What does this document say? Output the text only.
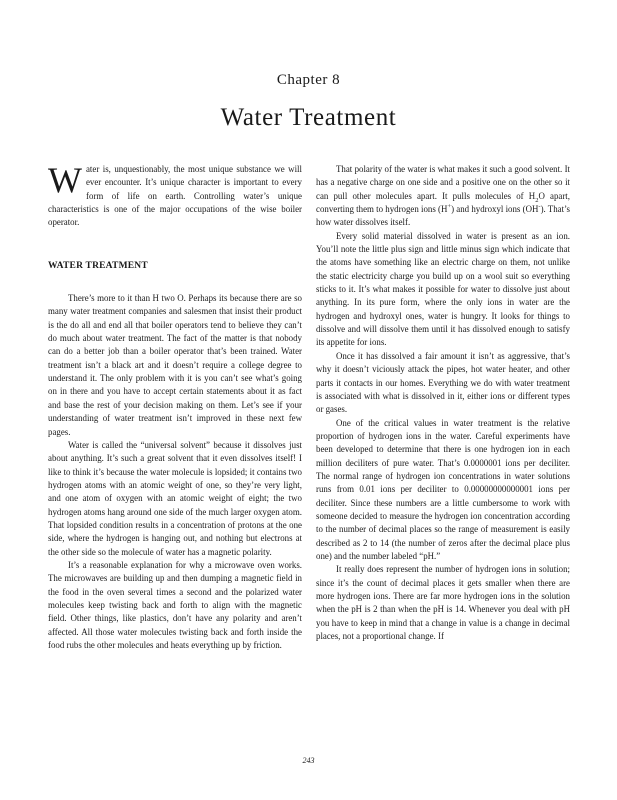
Chapter 8
Water Treatment

Water is, unquestionably, the most unique substance we will ever encounter. It’s unique character is important to every form of life on earth. Controlling water’s unique characteristics is one of the major occupations of the wise boiler operator.

WATER TREATMENT

There’s more to it than H two O. Perhaps its because there are so many water treatment companies and salesmen that insist their product is the do all and end all that boiler operators tend to believe they can’t do much about water treatment. The fact of the matter is that nobody can do a better job than a boiler operator that’s been trained. Water treatment isn’t a black art and it doesn’t require a college degree to understand it. The only problem with it is you can’t see what’s going on in there and you have to accept certain statements about it as fact and base the rest of your decision making on them. Let’s see if your understanding of water treatment isn’t improved in these next few pages.

Water is called the “universal solvent” because it dissolves just about anything. It’s such a great solvent that it even dissolves itself! I like to think it’s because the water molecule is lopsided; it contains two hydrogen atoms with an atomic weight of one, so they’re very light, and one atom of oxygen with an atomic weight of eight; the two hydrogen atoms hang around one side of the much larger oxygen atom. That lopsided condition results in a concentration of protons at the one side, where the hydrogen is hanging out, and nothing but electrons at the other side so the molecule of water has a magnetic polarity.

It’s a reasonable explanation for why a microwave oven works. The microwaves are building up and then dumping a magnetic field in the food in the oven several times a second and the polarized water molecules keep twisting back and forth to align with the magnetic field. Other things, like plastics, don’t have any polarity and aren’t affected. All those water molecules twisting back and forth inside the food rubs the other molecules and heats everything up by friction.

That polarity of the water is what makes it such a good solvent. It has a negative charge on one side and a positive one on the other so it can pull other molecules apart. It pulls molecules of $H_2O$ apart, converting them to hydrogen ions (H+) and hydroxyl ions (OH-). That’s how water dissolves itself.

Every solid material dissolved in water is present as an ion. You’ll note the little plus sign and little minus sign which indicate that the atoms have something like an electric charge on them, not unlike the static electricity charge you build up on a wool suit so everything sticks to it. It’s what makes it possible for water to dissolve just about anything. In its pure form, where the only ions in water are the hydrogen and hydroxyl ones, water is hungry. It looks for things to dissolve and will dissolve them until it has dissolved enough to satisfy its appetite for ions.

Once it has dissolved a fair amount it isn’t as aggressive, that’s why it doesn’t viciously attack the pipes, hot water heater, and other parts it contacts in our homes. Everything we do with water treatment is associated with what is dissolved in it, either ions or different types or gases.

One of the critical values in water treatment is the relative proportion of hydrogen ions in the water. Careful experiments have been developed to determine that there is one hydrogen ion in each million deciliters of pure water. That’s 0.0000001 ions per deciliter. The normal range of hydrogen ion concentrations in water solutions runs from 0.01 ions per deciliter to 0.00000000000001 ions per deciliter. Since these numbers are a little cumbersome to work with someone decided to measure the hydrogen ion concentration according to the number of decimal places so the range of measurement is easily described as 2 to 14 (the number of zeros after the decimal place plus one) and the number labeled “pH.”

It really does represent the number of hydrogen ions in solution; since it’s the count of decimal places it gets smaller when there are more hydrogen ions. There are far more hydrogen ions in the solution when the pH is 2 than when the pH is 14. Whenever you deal with pH you have to keep in mind that a change in value is a change in decimal places, not a proportional change. If

243
